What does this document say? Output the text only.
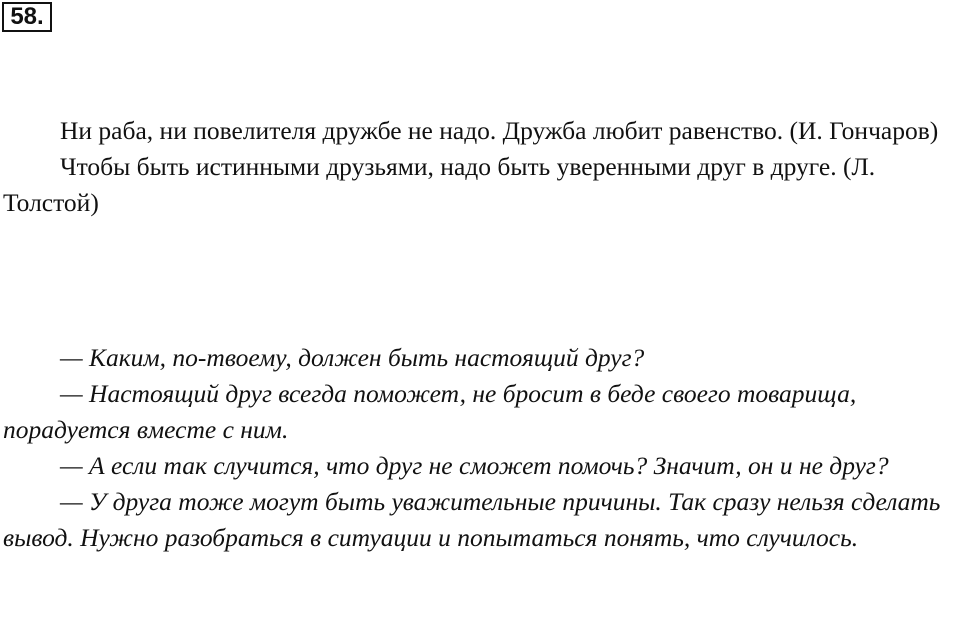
58.

Ни раба, ни повелителя дружбе не надо. Дружба любит равенство. (И. Гончаров)

Чтобы быть истинными друзьями, надо быть уверенными друг в друге. (Л. Толстой)

— Каким, по-твоему, должен быть настоящий друг?

— Настоящий друг всегда поможет, не бросит в беде своего товарища, порадуется вместе с ним.

— А если так случится, что друг не сможет помочь? Значит, он и не друг?

— У друга тоже могут быть уважительные причины. Так сразу нельзя сделать вывод. Нужно разобраться в ситуации и попытаться понять, что случилось.
